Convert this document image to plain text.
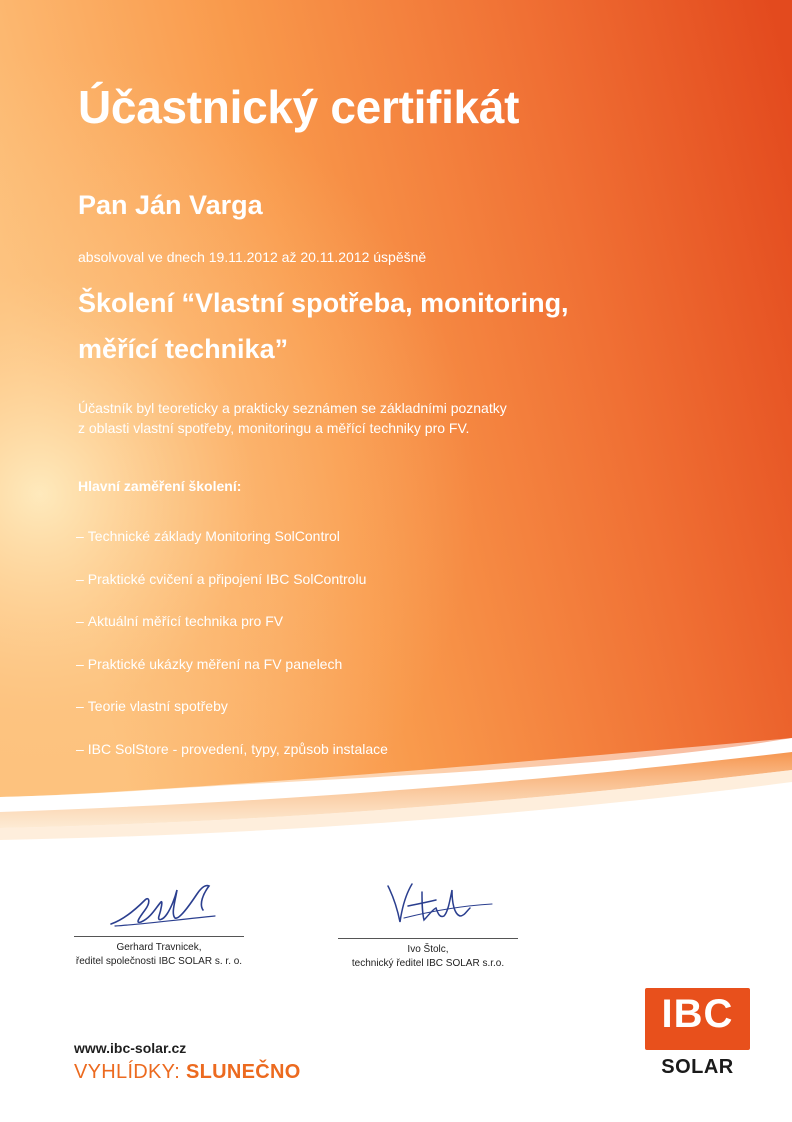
Účastnický certifikát
Pan Ján Varga
absolvoval ve dnech 19.11.2012 až 20.11.2012 úspěšně
Školení “Vlastní spotřeba, monitoring,
měřící technika”

Účastník byl teoreticky a prakticky seznámen se základními poznatky
z oblasti vlastní spotřeby, monitoringu a měřící techniky pro FV.

Hlavní zaměření školení:
– Technické základy Monitoring SolControl
– Praktické cvičení a připojení IBC SolControlu
– Aktuální měřící technika pro FV
– Praktické ukázky měření na FV panelech
– Teorie vlastní spotřeby
– IBC SolStore - provedení, typy, způsob instalace
Gerhard Travnicek,
ředitel společnosti IBC SOLAR s. r. o.
Ivo Štolc,
technický ředitel IBC SOLAR s.r.o.
www.ibc-solar.cz
VYHLÍDKY: SLUNEČNO
IBC
SOLAR
